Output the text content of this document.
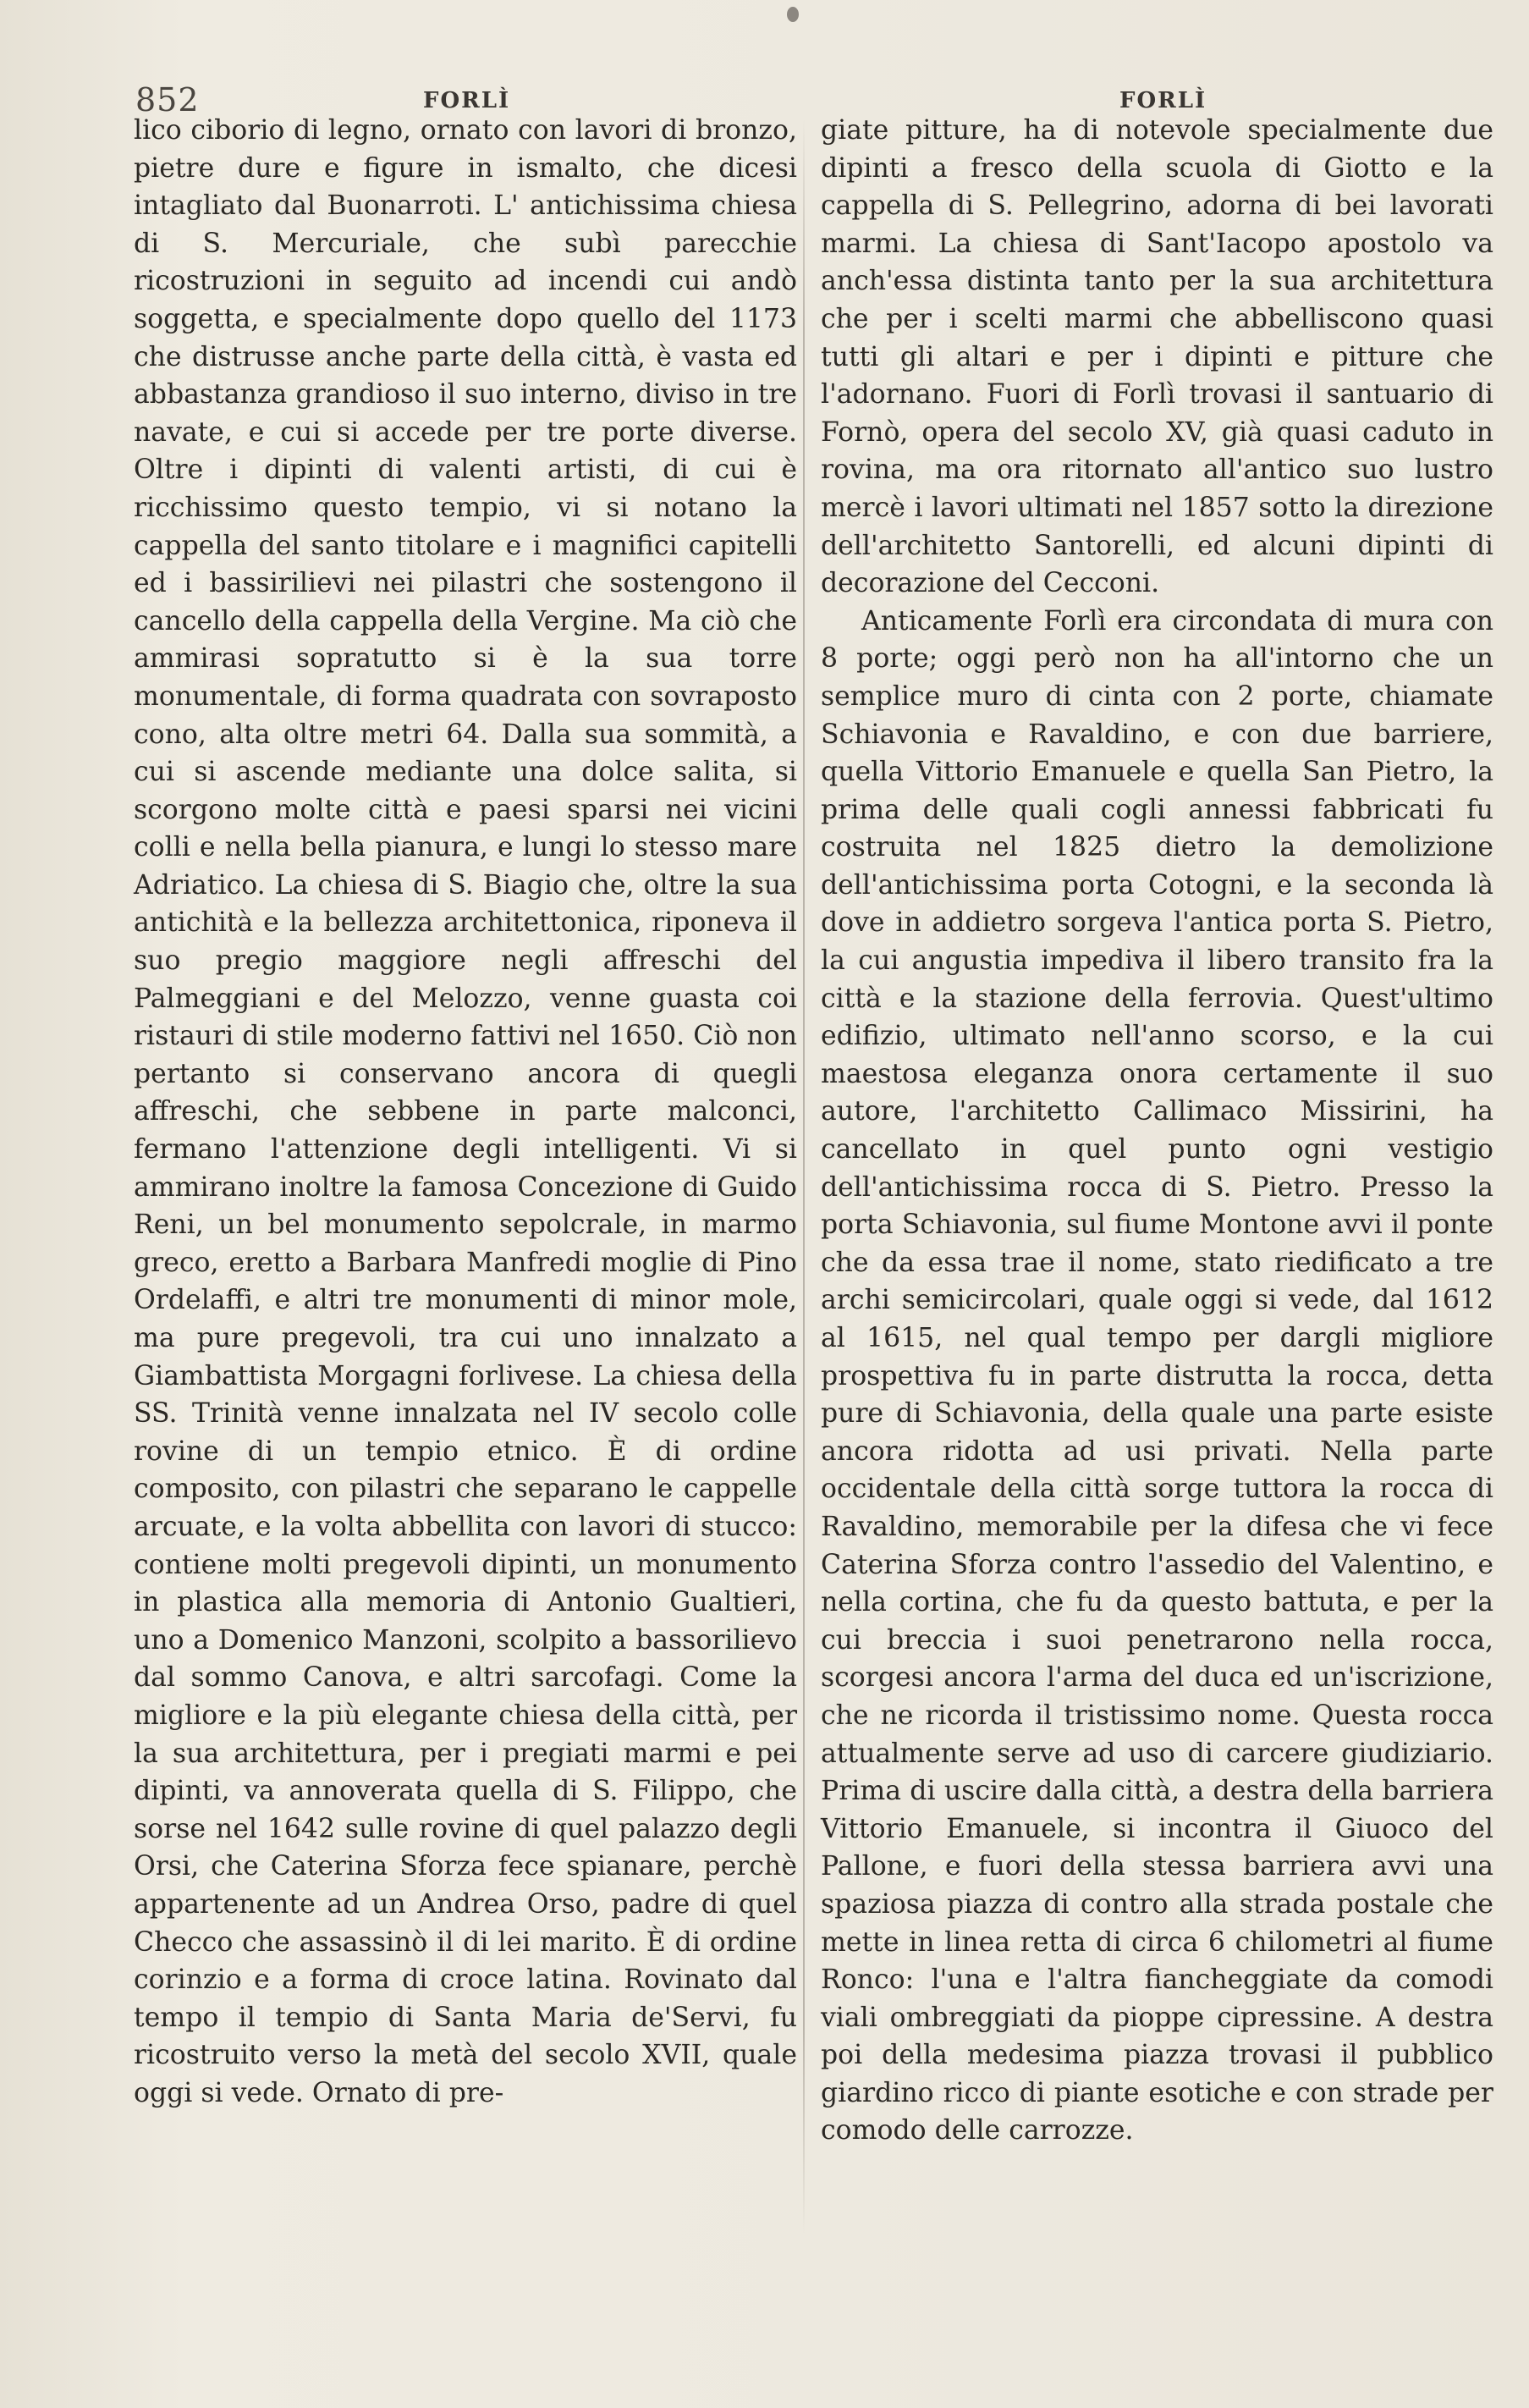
852	FORLÌ	FORLÌ

lico ciborio di legno, ornato con lavori di bronzo, pietre dure e figure in ismalto, che dicesi intagliato dal Buonarroti. L' antichissima chiesa di S. Mercuriale, che subì parecchie ricostruzioni in seguito ad incendi cui andò soggetta, e specialmente dopo quello del 1173 che distrusse anche parte della città, è vasta ed abbastanza grandioso il suo interno, diviso in tre navate, e cui si accede per tre porte diverse. Oltre i dipinti di valenti artisti, di cui è ricchissimo questo tempio, vi si notano la cappella del santo titolare e i magnifici capitelli ed i bassirilievi nei pilastri che sostengono il cancello della cappella della Vergine. Ma ciò che ammirasi sopratutto si è la sua torre monumentale, di forma quadrata con sovraposto cono, alta oltre metri 64. Dalla sua sommità, a cui si ascende mediante una dolce salita, si scorgono molte città e paesi sparsi nei vicini colli e nella bella pianura, e lungi lo stesso mare Adriatico. La chiesa di S. Biagio che, oltre la sua antichità e la bellezza architettonica, riponeva il suo pregio maggiore negli affreschi del Palmeggiani e del Melozzo, venne guasta coi ristauri di stile moderno fattivi nel 1650. Ciò non pertanto si conservano ancora di quegli affreschi, che sebbene in parte malconci, fermano l'attenzione degli intelligenti. Vi si ammirano inoltre la famosa Concezione di Guido Reni, un bel monumento sepolcrale, in marmo greco, eretto a Barbara Manfredi moglie di Pino Ordelaffi, e altri tre monumenti di minor mole, ma pure pregevoli, tra cui uno innalzato a Giambattista Morgagni forlivese. La chiesa della SS. Trinità venne innalzata nel IV secolo colle rovine di un tempio etnico. È di ordine composito, con pilastri che separano le cappelle arcuate, e la volta abbellita con lavori di stucco: contiene molti pregevoli dipinti, un monumento in plastica alla memoria di Antonio Gualtieri, uno a Domenico Manzoni, scolpito a bassorilievo dal sommo Canova, e altri sarcofagi. Come la migliore e la più elegante chiesa della città, per la sua architettura, per i pregiati marmi e pei dipinti, va annoverata quella di S. Filippo, che sorse nel 1642 sulle rovine di quel palazzo degli Orsi, che Caterina Sforza fece spianare, perchè appartenente ad un Andrea Orso, padre di quel Checco che assassinò il di lei marito. È di ordine corinzio e a forma di croce latina. Rovinato dal tempo il tempio di Santa Maria de'Servi, fu ricostruito verso la metà del secolo XVII, quale oggi si vede. Ornato di pre-

giate pitture, ha di notevole specialmente due dipinti a fresco della scuola di Giotto e la cappella di S. Pellegrino, adorna di bei lavorati marmi. La chiesa di Sant'Iacopo apostolo va anch'essa distinta tanto per la sua architettura che per i scelti marmi che abbelliscono quasi tutti gli altari e per i dipinti e pitture che l'adornano. Fuori di Forlì trovasi il santuario di Fornò, opera del secolo XV, già quasi caduto in rovina, ma ora ritornato all'antico suo lustro mercè i lavori ultimati nel 1857 sotto la direzione dell'architetto Santorelli, ed alcuni dipinti di decorazione del Cecconi.

Anticamente Forlì era circondata di mura con 8 porte; oggi però non ha all'intorno che un semplice muro di cinta con 2 porte, chiamate Schiavonia e Ravaldino, e con due barriere, quella Vittorio Emanuele e quella San Pietro, la prima delle quali cogli annessi fabbricati fu costruita nel 1825 dietro la demolizione dell'antichissima porta Cotogni, e la seconda là dove in addietro sorgeva l'antica porta S. Pietro, la cui angustia impediva il libero transito fra la città e la stazione della ferrovia. Quest'ultimo edifizio, ultimato nell'anno scorso, e la cui maestosa eleganza onora certamente il suo autore, l'architetto Callimaco Missirini, ha cancellato in quel punto ogni vestigio dell'antichissima rocca di S. Pietro. Presso la porta Schiavonia, sul fiume Montone avvi il ponte che da essa trae il nome, stato riedificato a tre archi semicircolari, quale oggi si vede, dal 1612 al 1615, nel qual tempo per dargli migliore prospettiva fu in parte distrutta la rocca, detta pure di Schiavonia, della quale una parte esiste ancora ridotta ad usi privati. Nella parte occidentale della città sorge tuttora la rocca di Ravaldino, memorabile per la difesa che vi fece Caterina Sforza contro l'assedio del Valentino, e nella cortina, che fu da questo battuta, e per la cui breccia i suoi penetrarono nella rocca, scorgesi ancora l'arma del duca ed un'iscrizione, che ne ricorda il tristissimo nome. Questa rocca attualmente serve ad uso di carcere giudiziario. Prima di uscire dalla città, a destra della barriera Vittorio Emanuele, si incontra il Giuoco del Pallone, e fuori della stessa barriera avvi una spaziosa piazza di contro alla strada postale che mette in linea retta di circa 6 chilometri al fiume Ronco: l'una e l'altra fiancheggiate da comodi viali ombreggiati da pioppe cipressine. A destra poi della medesima piazza trovasi il pubblico giardino ricco di piante esotiche e con strade per comodo delle carrozze.
